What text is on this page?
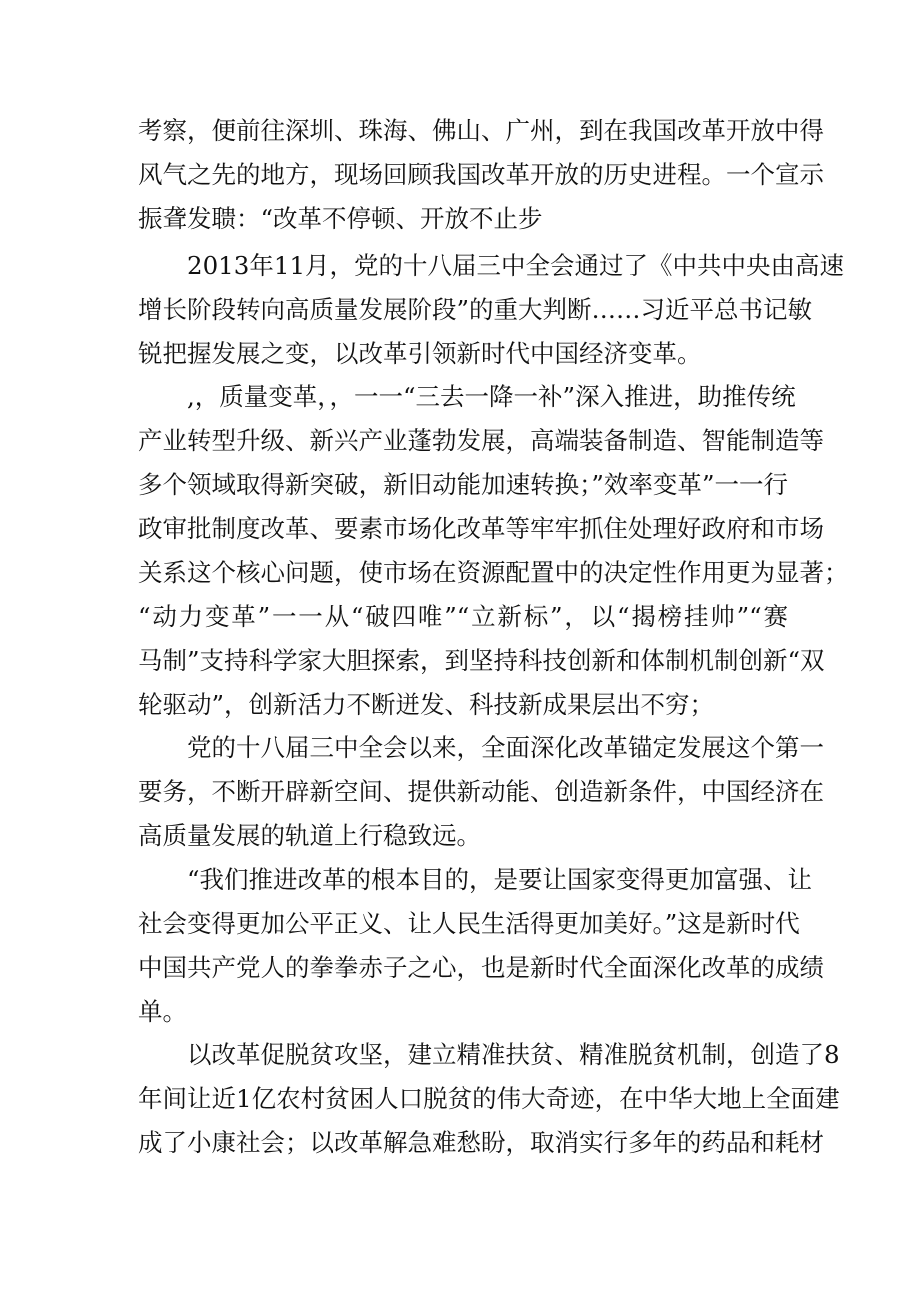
考察，便前往深圳、珠海、佛山、广州，到在我国改革开放中得
风气之先的地方，现场回顾我国改革开放的历史进程。一个宣示
振聋发聩：“改革不停顿、开放不止步
　　2013年11月，党的十八届三中全会通过了《中共中央由高速
增长阶段转向高质量发展阶段”的重大判断……习近平总书记敏
锐把握发展之变，以改革引领新时代中国经济变革。
　　,，质量变革，，一一“三去一降一补”深入推进，助推传统
产业转型升级、新兴产业蓬勃发展，高端装备制造、智能制造等
多个领域取得新突破，新旧动能加速转换；”效率变革”一一行
政审批制度改革、要素市场化改革等牢牢抓住处理好政府和市场
关系这个核心问题，使市场在资源配置中的决定性作用更为显著；
“动力变革”一一从“破四唯”“立新标”，以“揭榜挂帅”“赛
马制”支持科学家大胆探索，到坚持科技创新和体制机制创新“双
轮驱动”，创新活力不断迸发、科技新成果层出不穷；
　　党的十八届三中全会以来，全面深化改革锚定发展这个第一
要务，不断开辟新空间、提供新动能、创造新条件，中国经济在
高质量发展的轨道上行稳致远。
　　“我们推进改革的根本目的，是要让国家变得更加富强、让
社会变得更加公平正义、让人民生活得更加美好。”这是新时代
中国共产党人的拳拳赤子之心，也是新时代全面深化改革的成绩
单。
　　以改革促脱贫攻坚，建立精准扶贫、精准脱贫机制，创造了8
年间让近1亿农村贫困人口脱贫的伟大奇迹，在中华大地上全面建
成了小康社会；以改革解急难愁盼，取消实行多年的药品和耗材
